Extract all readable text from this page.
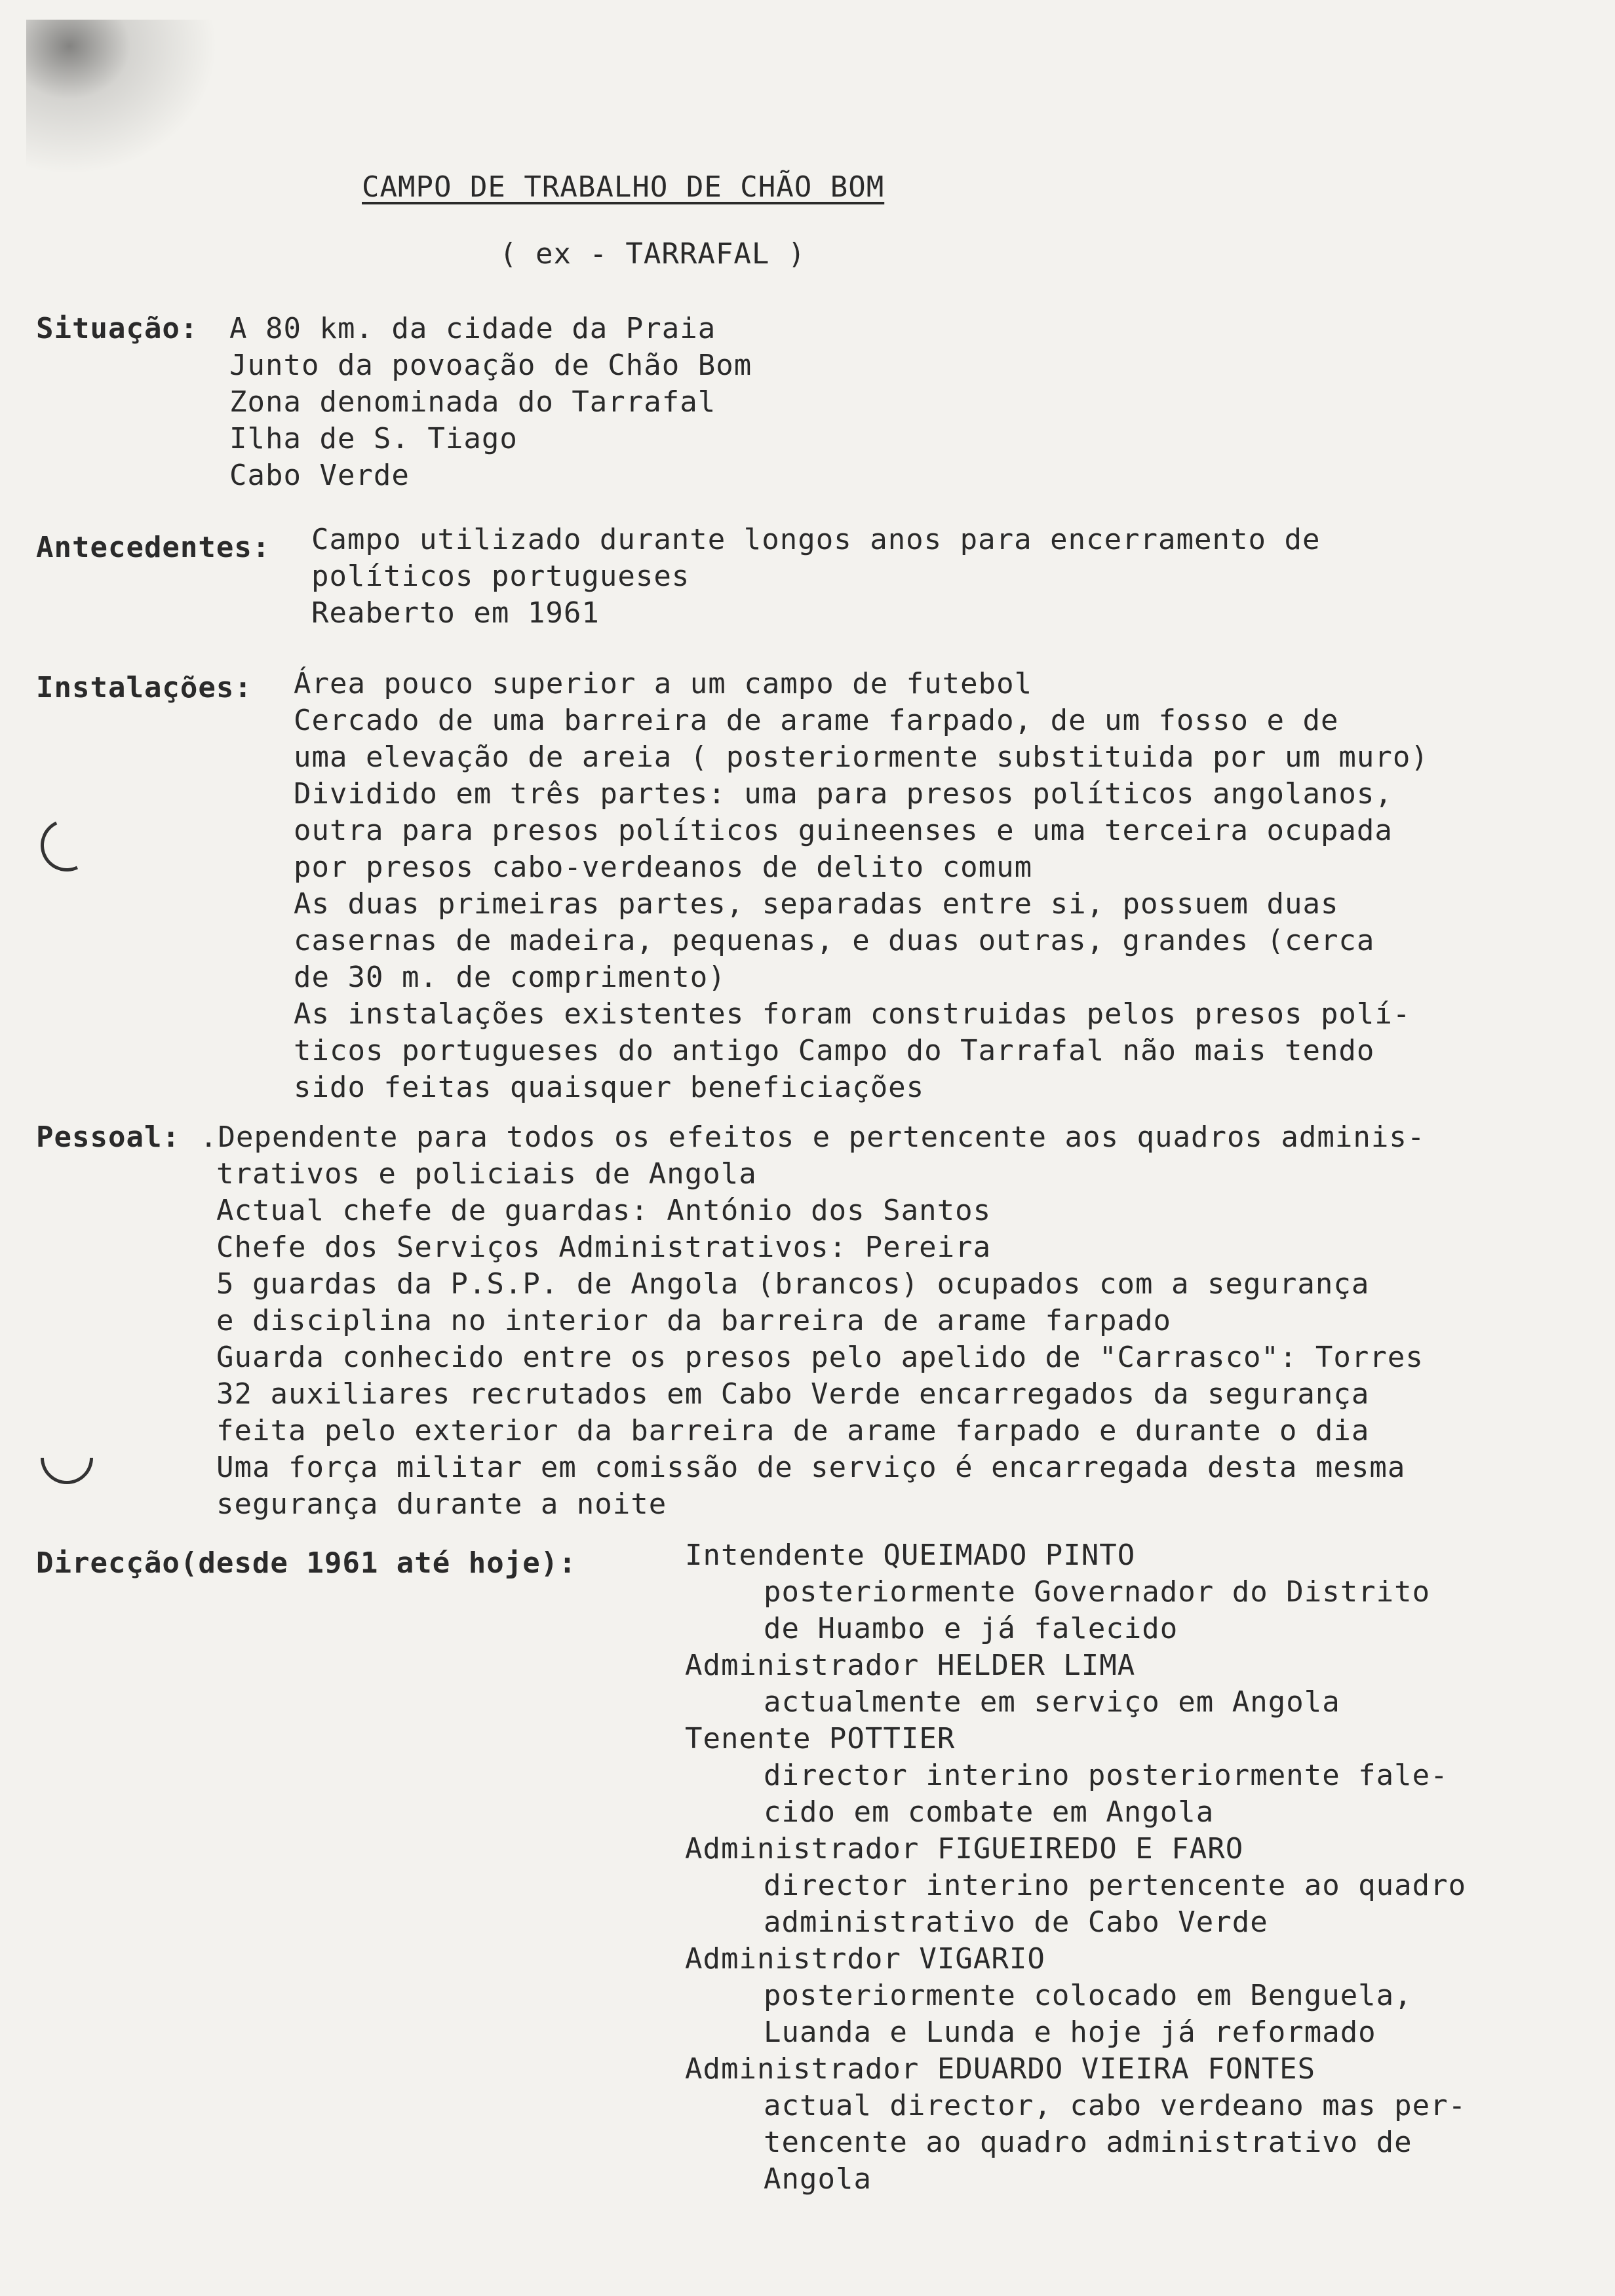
CAMPO DE TRABALHO DE CHÃO BOM
( ex - TARRAFAL )
Situação: A 80 km. da cidade da Praia
Junto da povoação de Chão Bom
Zona denominada do Tarrafal
Ilha de S. Tiago
Cabo Verde
Antecedentes: Campo utilizado durante longos anos para encerramento de
políticos portugueses
Reaberto em 1961
Instalações: Área pouco superior a um campo de futebol
Cercado de uma barreira de arame farpado, de um fosso e de
uma elevação de areia ( posteriormente substituida por um muro)
Dividido em três partes: uma para presos políticos angolanos,
outra para presos políticos guineenses e uma terceira ocupada
por presos cabo-verdeanos de delito comum
As duas primeiras partes, separadas entre si, possuem duas
casernas de madeira, pequenas, e duas outras, grandes (cerca
de 30 m. de comprimento)
As instalações existentes foram construidas pelos presos polí-
ticos portugueses do antigo Campo do Tarrafal não mais tendo
sido feitas quaisquer beneficiações
Pessoal: .Dependente para todos os efeitos e pertencente aos quadros adminis-
trativos e policiais de Angola
Actual chefe de guardas: António dos Santos
Chefe dos Serviços Administrativos: Pereira
5 guardas da P.S.P. de Angola (brancos) ocupados com a segurança
e disciplina no interior da barreira de arame farpado
Guarda conhecido entre os presos pelo apelido de "Carrasco": Torres
32 auxiliares recrutados em Cabo Verde encarregados da segurança
feita pelo exterior da barreira de arame farpado e durante o dia
Uma força militar em comissão de serviço é encarregada desta mesma
segurança durante a noite
Direcção(desde 1961 até hoje):	Intendente QUEIMADO PINTO
posteriormente Governador do Distrito
de Huambo e já falecido
Administrador HELDER LIMA
actualmente em serviço em Angola
Tenente POTTIER
director interino posteriormente fale-
cido em combate em Angola
Administrador FIGUEIREDO E FARO
director interino pertencente ao quadro
administrativo de Cabo Verde
Administrdor VIGARIO
posteriormente colocado em Benguela,
Luanda e Lunda e hoje já reformado
Administrador EDUARDO VIEIRA FONTES
actual director, cabo verdeano mas per-
tencente ao quadro administrativo de
Angola
